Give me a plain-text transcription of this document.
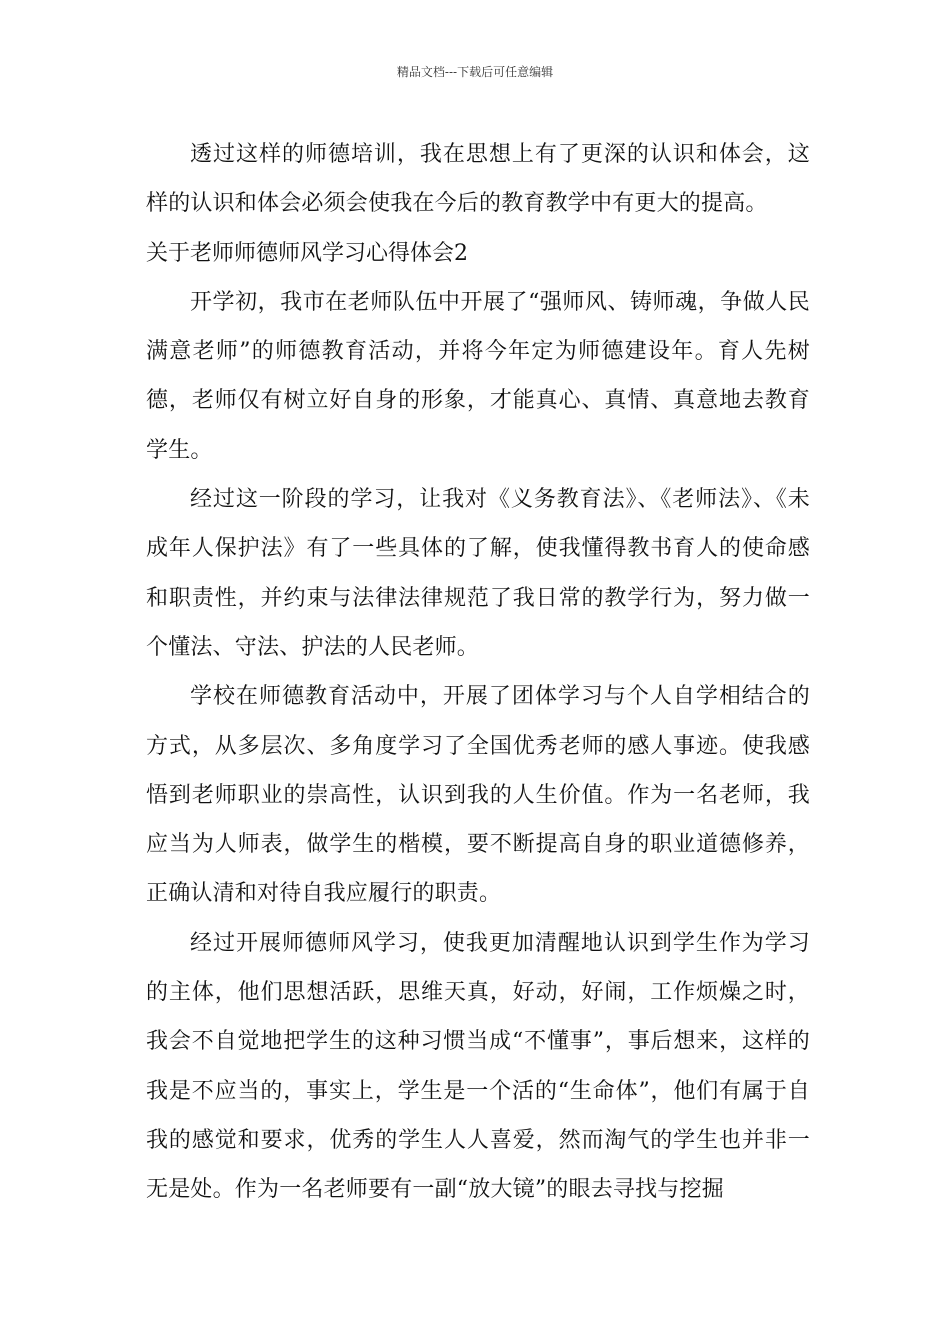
精品文档---下载后可任意编辑

透过这样的师德培训，我在思想上有了更深的认识和体会，这样的认识和体会必须会使我在今后的教育教学中有更大的提高。

关于老师师德师风学习心得体会2

开学初，我市在老师队伍中开展了“强师风、铸师魂，争做人民满意老师”的师德教育活动，并将今年定为师德建设年。育人先树德，老师仅有树立好自身的形象，才能真心、真情、真意地去教育学生。

经过这一阶段的学习，让我对《义务教育法》、《老师法》、《未成年人保护法》有了一些具体的了解，使我懂得教书育人的使命感和职责性，并约束与法律法律规范了我日常的教学行为，努力做一个懂法、守法、护法的人民老师。

学校在师德教育活动中，开展了团体学习与个人自学相结合的方式，从多层次、多角度学习了全国优秀老师的感人事迹。使我感悟到老师职业的崇高性，认识到我的人生价值。作为一名老师，我应当为人师表，做学生的楷模，要不断提高自身的职业道德修养，正确认清和对待自我应履行的职责。

经过开展师德师风学习，使我更加清醒地认识到学生作为学习的主体，他们思想活跃，思维天真，好动，好闹，工作烦燥之时，我会不自觉地把学生的这种习惯当成“不懂事”，事后想来，这样的我是不应当的，事实上，学生是一个活的“生命体”，他们有属于自我的感觉和要求，优秀的学生人人喜爱，然而淘气的学生也并非一无是处。作为一名老师要有一副“放大镜”的眼去寻找与挖掘
